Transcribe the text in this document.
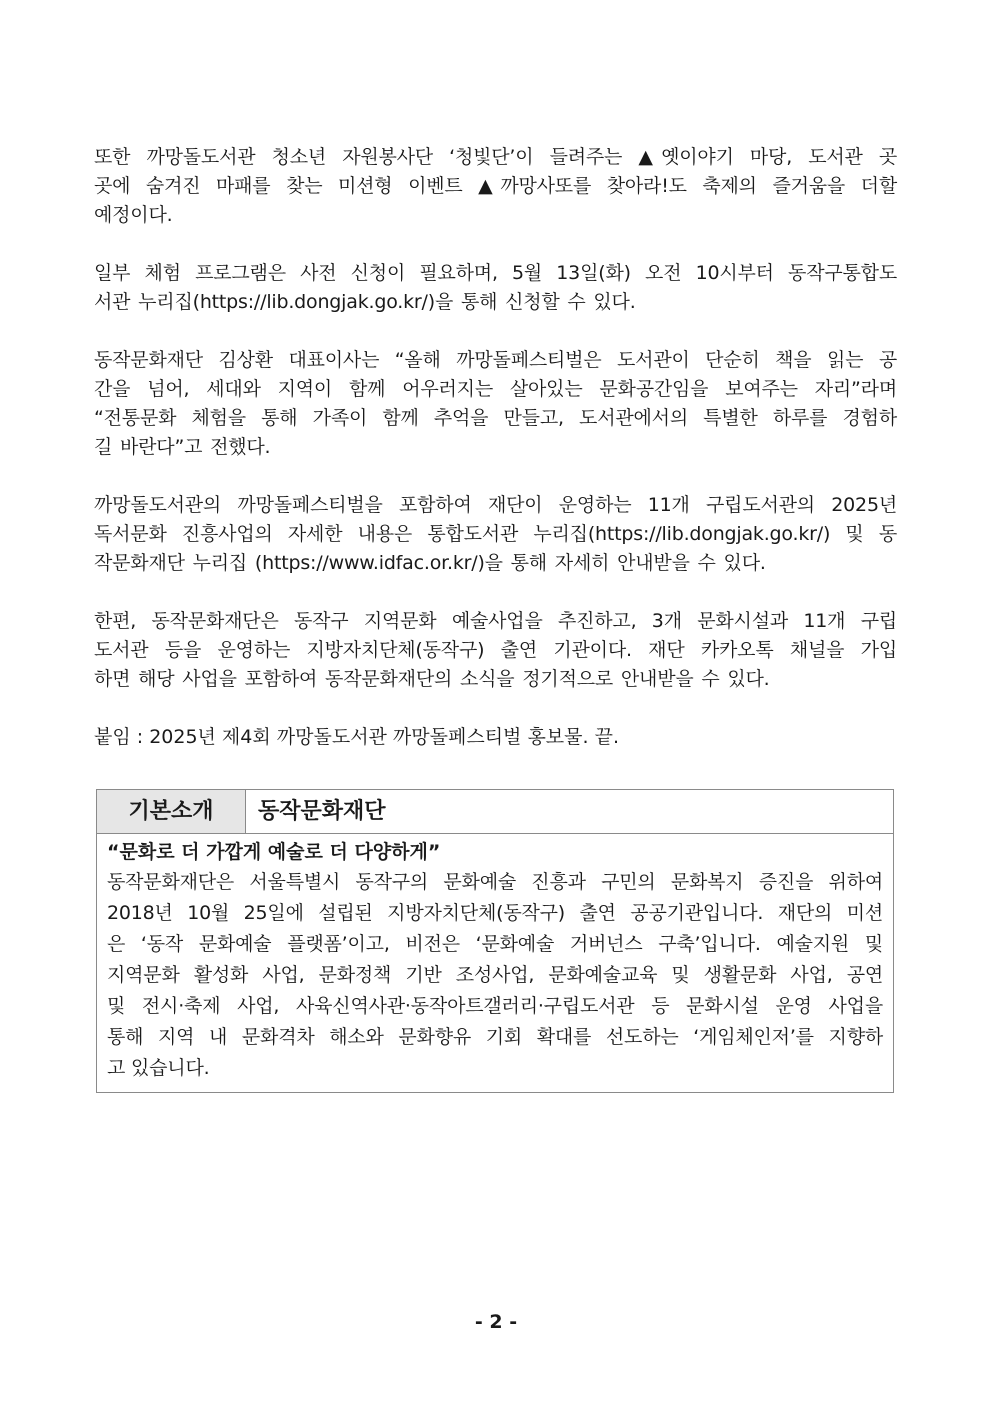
또한 까망돌도서관 청소년 자원봉사단 ‘청빛단’이 들려주는 ▲옛이야기 마당, 도서관 곳
곳에 숨겨진 마패를 찾는 미션형 이벤트 ▲까망사또를 찾아라!도 축제의 즐거움을 더할
예정이다.
일부 체험 프로그램은 사전 신청이 필요하며, 5월 13일(화) 오전 10시부터 동작구통합도
서관 누리집(https://lib.dongjak.go.kr/)을 통해 신청할 수 있다.
동작문화재단 김상환 대표이사는 “올해 까망돌페스티벌은 도서관이 단순히 책을 읽는 공
간을 넘어, 세대와 지역이 함께 어우러지는 살아있는 문화공간임을 보여주는 자리”라며
“전통문화 체험을 통해 가족이 함께 추억을 만들고, 도서관에서의 특별한 하루를 경험하
길 바란다”고 전했다.
까망돌도서관의 까망돌페스티벌을 포함하여 재단이 운영하는 11개 구립도서관의 2025년
독서문화 진흥사업의 자세한 내용은 통합도서관 누리집(https://lib.dongjak.go.kr/) 및 동
작문화재단 누리집 (https://www.idfac.or.kr/)을 통해 자세히 안내받을 수 있다.
한편, 동작문화재단은 동작구 지역문화 예술사업을 추진하고, 3개 문화시설과 11개 구립
도서관 등을 운영하는 지방자치단체(동작구) 출연 기관이다. 재단 카카오톡 채널을 가입
하면 해당 사업을 포함하여 동작문화재단의 소식을 정기적으로 안내받을 수 있다.

붙임 : 2025년 제4회 까망돌도서관 까망돌페스티벌 홍보물. 끝.

기본소개	동작문화재단

“문화로 더 가깝게 예술로 더 다양하게”

동작문화재단은 서울특별시 동작구의 문화예술 진흥과 구민의 문화복지 증진을 위하여
2018년 10월 25일에 설립된 지방자치단체(동작구) 출연 공공기관입니다. 재단의 미션
은 ‘동작 문화예술 플랫폼’이고, 비전은 ‘문화예술 거버넌스 구축’입니다. 예술지원 및
지역문화 활성화 사업, 문화정책 기반 조성사업, 문화예술교육 및 생활문화 사업, 공연
및 전시·축제 사업, 사육신역사관·동작아트갤러리·구립도서관 등 문화시설 운영 사업을
통해 지역 내 문화격차 해소와 문화향유 기회 확대를 선도하는 ‘게임체인저’를 지향하
고 있습니다.
- 2 -
